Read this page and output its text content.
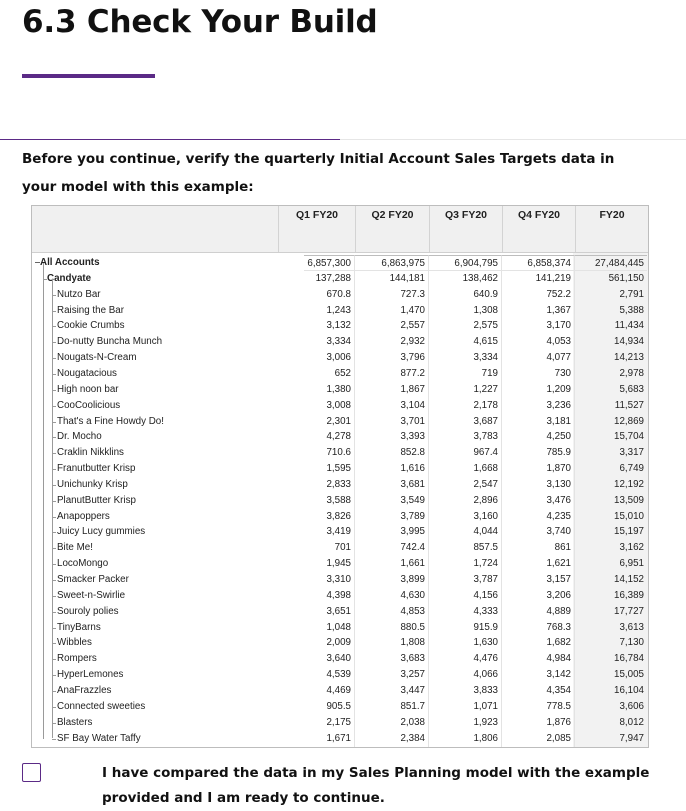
6.3 Check Your Build

Before you continue, verify the quarterly Initial Account Sales Targets data in your model with this example:

Q1 FY20	Q2 FY20	Q3 FY20	Q4 FY20	FY20
All Accounts	6,857,300	6,863,975	6,904,795	6,858,374	27,484,445
Candyate	137,288	144,181	138,462	141,219	561,150
Nutzo Bar	670.8	727.3	640.9	752.2	2,791
Raising the Bar	1,243	1,470	1,308	1,367	5,388
Cookie Crumbs	3,132	2,557	2,575	3,170	11,434
Do-nutty Buncha Munch	3,334	2,932	4,615	4,053	14,934
Nougats-N-Cream	3,006	3,796	3,334	4,077	14,213
Nougatacious	652	877.2	719	730	2,978
High noon bar	1,380	1,867	1,227	1,209	5,683
CooCoolicious	3,008	3,104	2,178	3,236	11,527
That's a Fine Howdy Do!	2,301	3,701	3,687	3,181	12,869
Dr. Mocho	4,278	3,393	3,783	4,250	15,704
Craklin Nikklins	710.6	852.8	967.4	785.9	3,317
Franutbutter Krisp	1,595	1,616	1,668	1,870	6,749
Unichunky Krisp	2,833	3,681	2,547	3,130	12,192
PlanutButter Krisp	3,588	3,549	2,896	3,476	13,509
Anapoppers	3,826	3,789	3,160	4,235	15,010
Juicy Lucy gummies	3,419	3,995	4,044	3,740	15,197
Bite Me!	701	742.4	857.5	861	3,162
LocoMongo	1,945	1,661	1,724	1,621	6,951
Smacker Packer	3,310	3,899	3,787	3,157	14,152
Sweet-n-Swirlie	4,398	4,630	4,156	3,206	16,389
Souroly polies	3,651	4,853	4,333	4,889	17,727
TinyBarns	1,048	880.5	915.9	768.3	3,613
Wibbles	2,009	1,808	1,630	1,682	7,130
Rompers	3,640	3,683	4,476	4,984	16,784
HyperLemones	4,539	3,257	4,066	3,142	15,005
AnaFrazzles	4,469	3,447	3,833	4,354	16,104
Connected sweeties	905.5	851.7	1,071	778.5	3,606
Blasters	2,175	2,038	1,923	1,876	8,012
SF Bay Water Taffy	1,671	2,384	1,806	2,085	7,947

I have compared the data in my Sales Planning model with the example provided and I am ready to continue.
